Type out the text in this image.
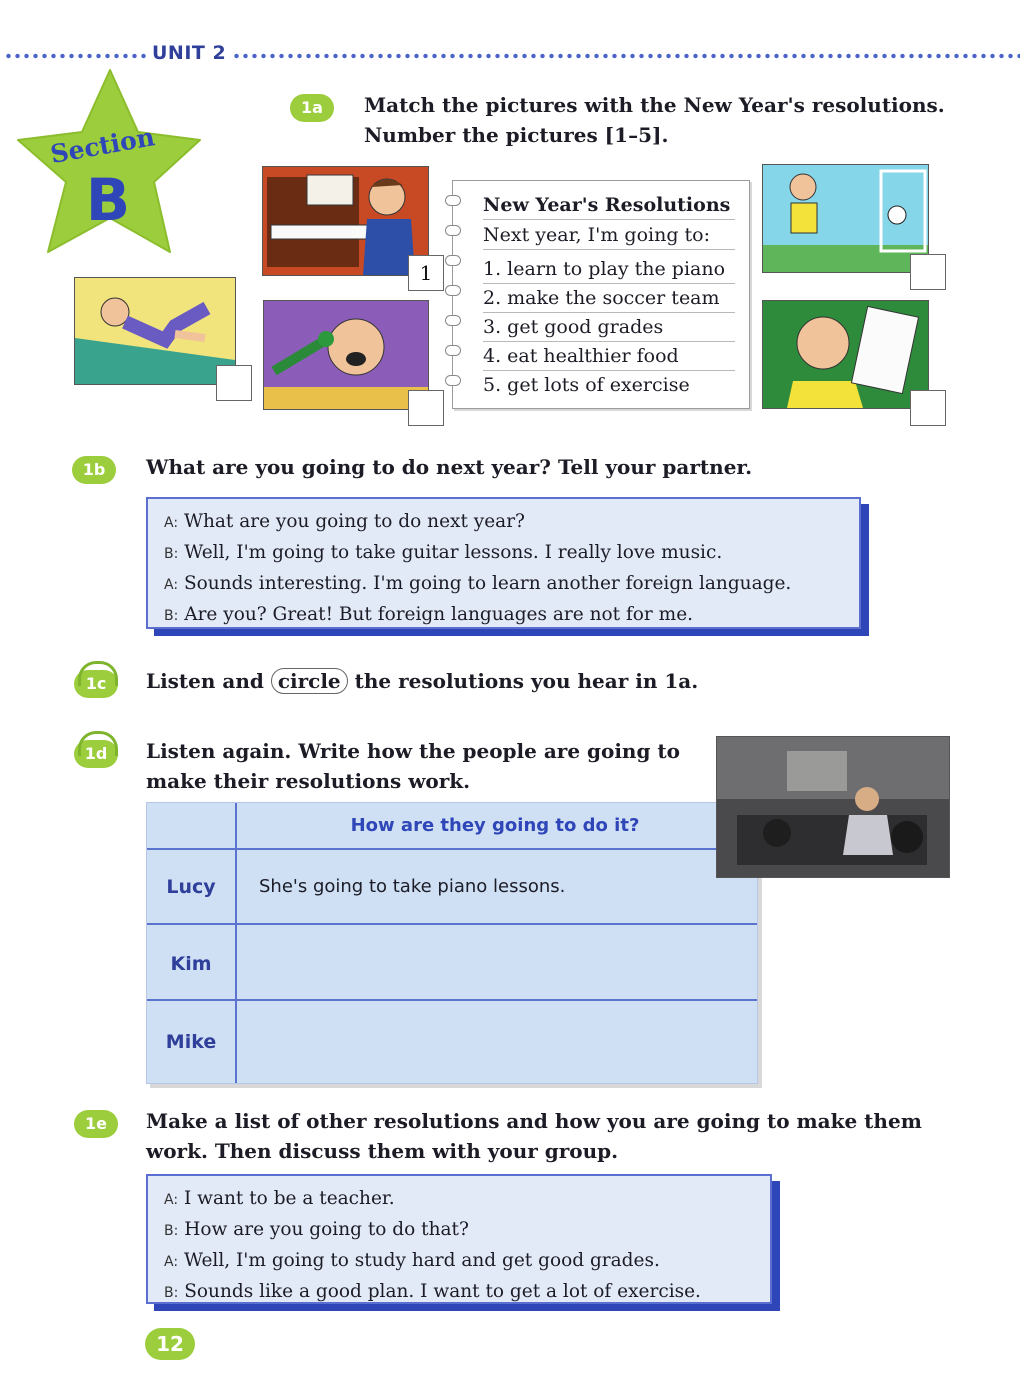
UNIT 2
Section
B
1a	Match the pictures with the New Year's resolutions.
Number the pictures [1–5].
1
New Year's Resolutions
Next year, I'm going to:
1. learn to play the piano
2. make the soccer team
3. get good grades
4. eat healthier food
5. get lots of exercise
1b	What are you going to do next year? Tell your partner.
A: What are you going to do next year?
B: Well, I'm going to take guitar lessons. I really love music.
A: Sounds interesting. I'm going to learn another foreign language.
B: Are you? Great! But foreign languages are not for me.
1c	Listen and circle the resolutions you hear in 1a.
1d	Listen again. Write how the people are going to
make their resolutions work.
How are they going to do it?
Lucy	She's going to take piano lessons.
Kim
Mike
1e	Make a list of other resolutions and how you are going to make them
work. Then discuss them with your group.
A: I want to be a teacher.
B: How are you going to do that?
A: Well, I'm going to study hard and get good grades.
B: Sounds like a good plan. I want to get a lot of exercise.
12
